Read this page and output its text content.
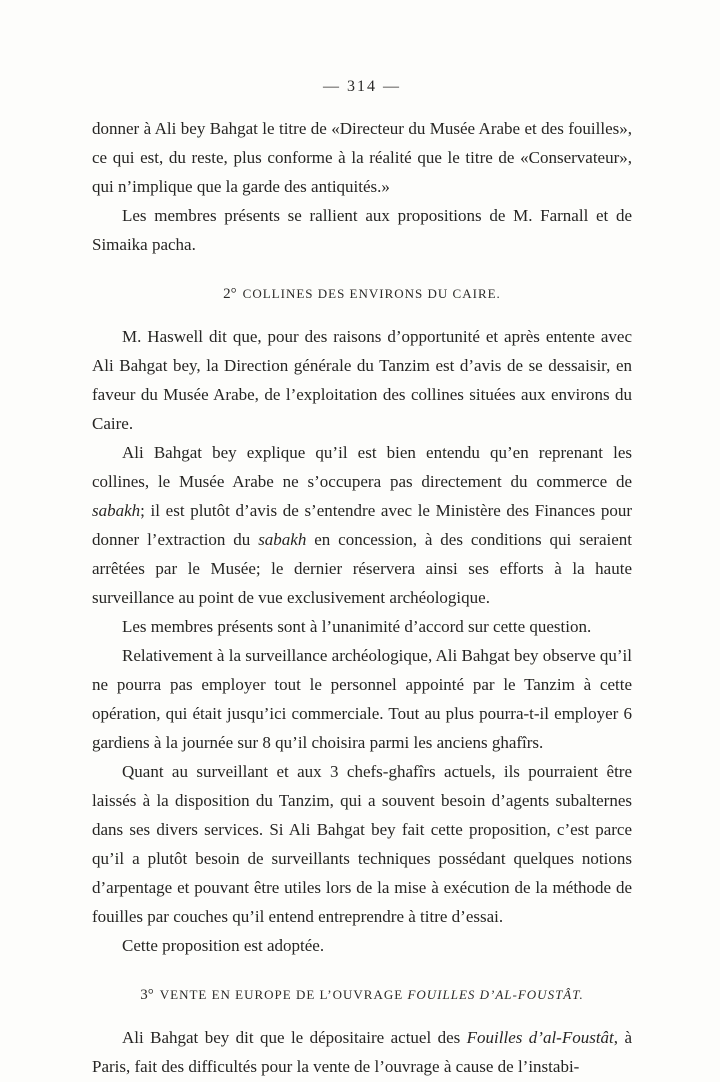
— 314 —

donner à Ali bey Bahgat le titre de «Directeur du Musée Arabe et des fouilles», ce qui est, du reste, plus conforme à la réalité que le titre de «Conservateur», qui n’implique que la garde des antiquités.»

Les membres présents se rallient aux propositions de M. Farnall et de Simaika pacha.

2° COLLINES DES ENVIRONS DU CAIRE.

M. Haswell dit que, pour des raisons d’opportunité et après entente avec Ali Bahgat bey, la Direction générale du Tanzim est d’avis de se dessaisir, en faveur du Musée Arabe, de l’exploitation des collines situées aux environs du Caire.

Ali Bahgat bey explique qu’il est bien entendu qu’en reprenant les collines, le Musée Arabe ne s’occupera pas directement du commerce de sabakh; il est plutôt d’avis de s’entendre avec le Ministère des Finances pour donner l’extraction du sabakh en concession, à des conditions qui seraient arrêtées par le Musée; le dernier réservera ainsi ses efforts à la haute surveillance au point de vue exclusivement archéologique.

Les membres présents sont à l’unanimité d’accord sur cette question.

Relativement à la surveillance archéologique, Ali Bahgat bey observe qu’il ne pourra pas employer tout le personnel appointé par le Tanzim à cette opération, qui était jusqu’ici commerciale. Tout au plus pourra-t-il employer 6 gardiens à la journée sur 8 qu’il choisira parmi les anciens ghafîrs.

Quant au surveillant et aux 3 chefs-ghafîrs actuels, ils pourraient être laissés à la disposition du Tanzim, qui a souvent besoin d’agents subalternes dans ses divers services. Si Ali Bahgat bey fait cette proposition, c’est parce qu’il a plutôt besoin de surveillants techniques possédant quelques notions d’arpentage et pouvant être utiles lors de la mise à exécution de la méthode de fouilles par couches qu’il entend entreprendre à titre d’essai.

Cette proposition est adoptée.

3° VENTE EN EUROPE DE L’OUVRAGE FOUILLES D’AL-FOUSTÂT.

Ali Bahgat bey dit que le dépositaire actuel des Fouilles d’al-Foustât, à Paris, fait des difficultés pour la vente de l’ouvrage à cause de l’instabi-
